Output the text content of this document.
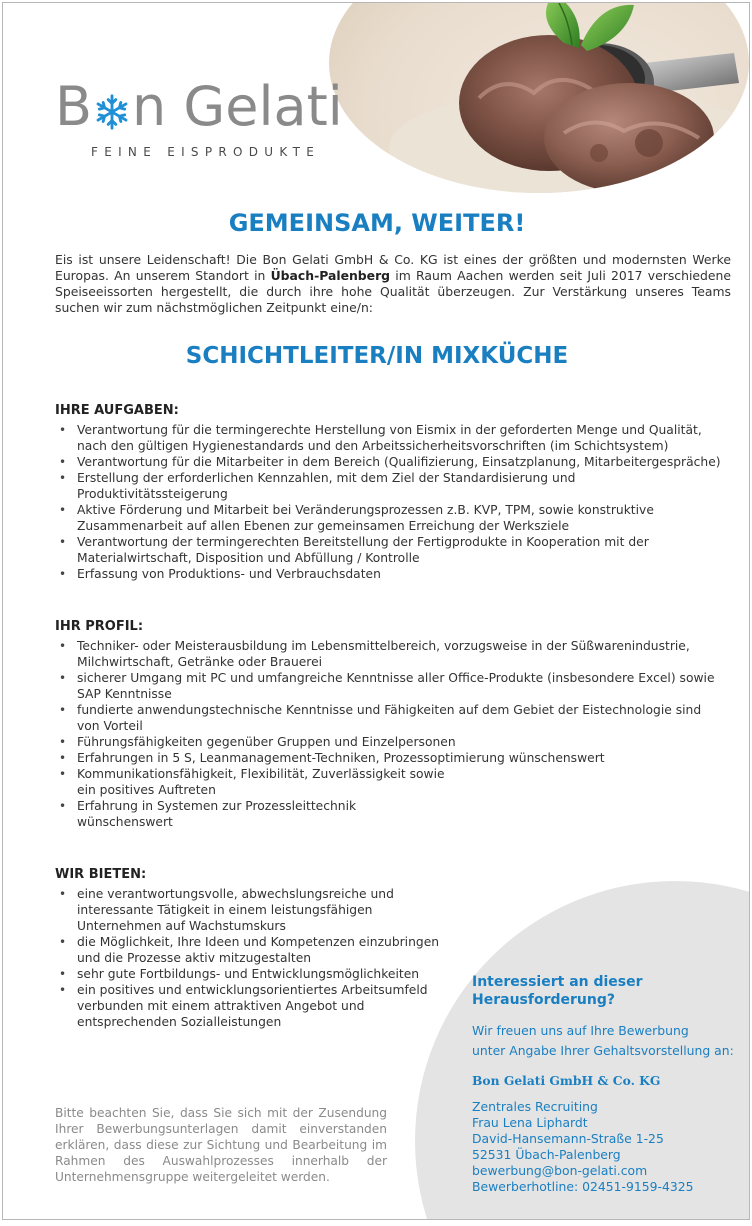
B n Gelati
FEINE EISPRODUKTE
GEMEINSAM, WEITER!

Eis ist unsere Leidenschaft! Die Bon Gelati GmbH & Co. KG ist eines der größten und modernsten Werke Europas. An unserem Standort in Übach-Palenberg im Raum Aachen werden seit Juli 2017 verschiedene Speiseeissorten hergestellt, die durch ihre hohe Qualität überzeugen. Zur Verstärkung unseres Teams suchen wir zum nächstmöglichen Zeitpunkt eine/n:

SCHICHTLEITER/IN MIXKÜCHE
IHRE AUFGABEN:
• Verantwortung für die termingerechte Herstellung von Eismix in der geforderten Menge und Qualität, nach den gültigen Hygienestandards und den Arbeitssicherheitsvorschriften (im Schichtsystem)
• Verantwortung für die Mitarbeiter in dem Bereich (Qualifizierung, Einsatzplanung, Mitarbeitergespräche)
• Erstellung der erforderlichen Kennzahlen, mit dem Ziel der Standardisierung und Produktivitätssteigerung
• Aktive Förderung und Mitarbeit bei Veränderungsprozessen z.B. KVP, TPM, sowie konstruktive Zusammenarbeit auf allen Ebenen zur gemeinsamen Erreichung der Werksziele
• Verantwortung der termingerechten Bereitstellung der Fertigprodukte in Kooperation mit der Materialwirtschaft, Disposition und Abfüllung / Kontrolle
• Erfassung von Produktions- und Verbrauchsdaten
IHR PROFIL:
• Techniker- oder Meisterausbildung im Lebensmittelbereich, vorzugsweise in der Süßwarenindustrie, Milchwirtschaft, Getränke oder Brauerei
• sicherer Umgang mit PC und umfangreiche Kenntnisse aller Office-Produkte (insbesondere Excel) sowie SAP Kenntnisse
• fundierte anwendungstechnische Kenntnisse und Fähigkeiten auf dem Gebiet der Eistechnologie sind von Vorteil
• Führungsfähigkeiten gegenüber Gruppen und Einzelpersonen
• Erfahrungen in 5 S, Leanmanagement-Techniken, Prozessoptimierung wünschenswert
• Kommunikationsfähigkeit, Flexibilität, Zuverlässigkeit sowie
ein positives Auftreten
• Erfahrung in Systemen zur Prozessleittechnik
wünschenswert
WIR BIETEN:
• eine verantwortungsvolle, abwechslungsreiche und interessante Tätigkeit in einem leistungsfähigen Unternehmen auf Wachstumskurs
• die Möglichkeit, Ihre Ideen und Kompetenzen einzubringen und die Prozesse aktiv mitzugestalten
• sehr gute Fortbildungs- und Entwicklungsmöglichkeiten
• ein positives und entwicklungsorientiertes Arbeitsumfeld verbunden mit einem attraktiven Angebot und entsprechenden Sozialleistungen

Interessiert an dieser Herausforderung?

Wir freuen uns auf Ihre Bewerbung
unter Angabe Ihrer Gehaltsvorstellung an:
Bon Gelati GmbH & Co. KG
Zentrales Recruiting
Frau Lena Liphardt
David-Hansemann-Straße 1-25
52531 Übach-Palenberg
bewerbung@bon-gelati.com
Bewerberhotline: 02451-9159-4325

Bitte beachten Sie, dass Sie sich mit der Zusendung Ihrer Bewerbungsunterlagen damit einverstanden erklären, dass diese zur Sichtung und Bearbeitung im Rahmen des Auswahlprozesses innerhalb der Unternehmensgruppe weitergeleitet werden.
